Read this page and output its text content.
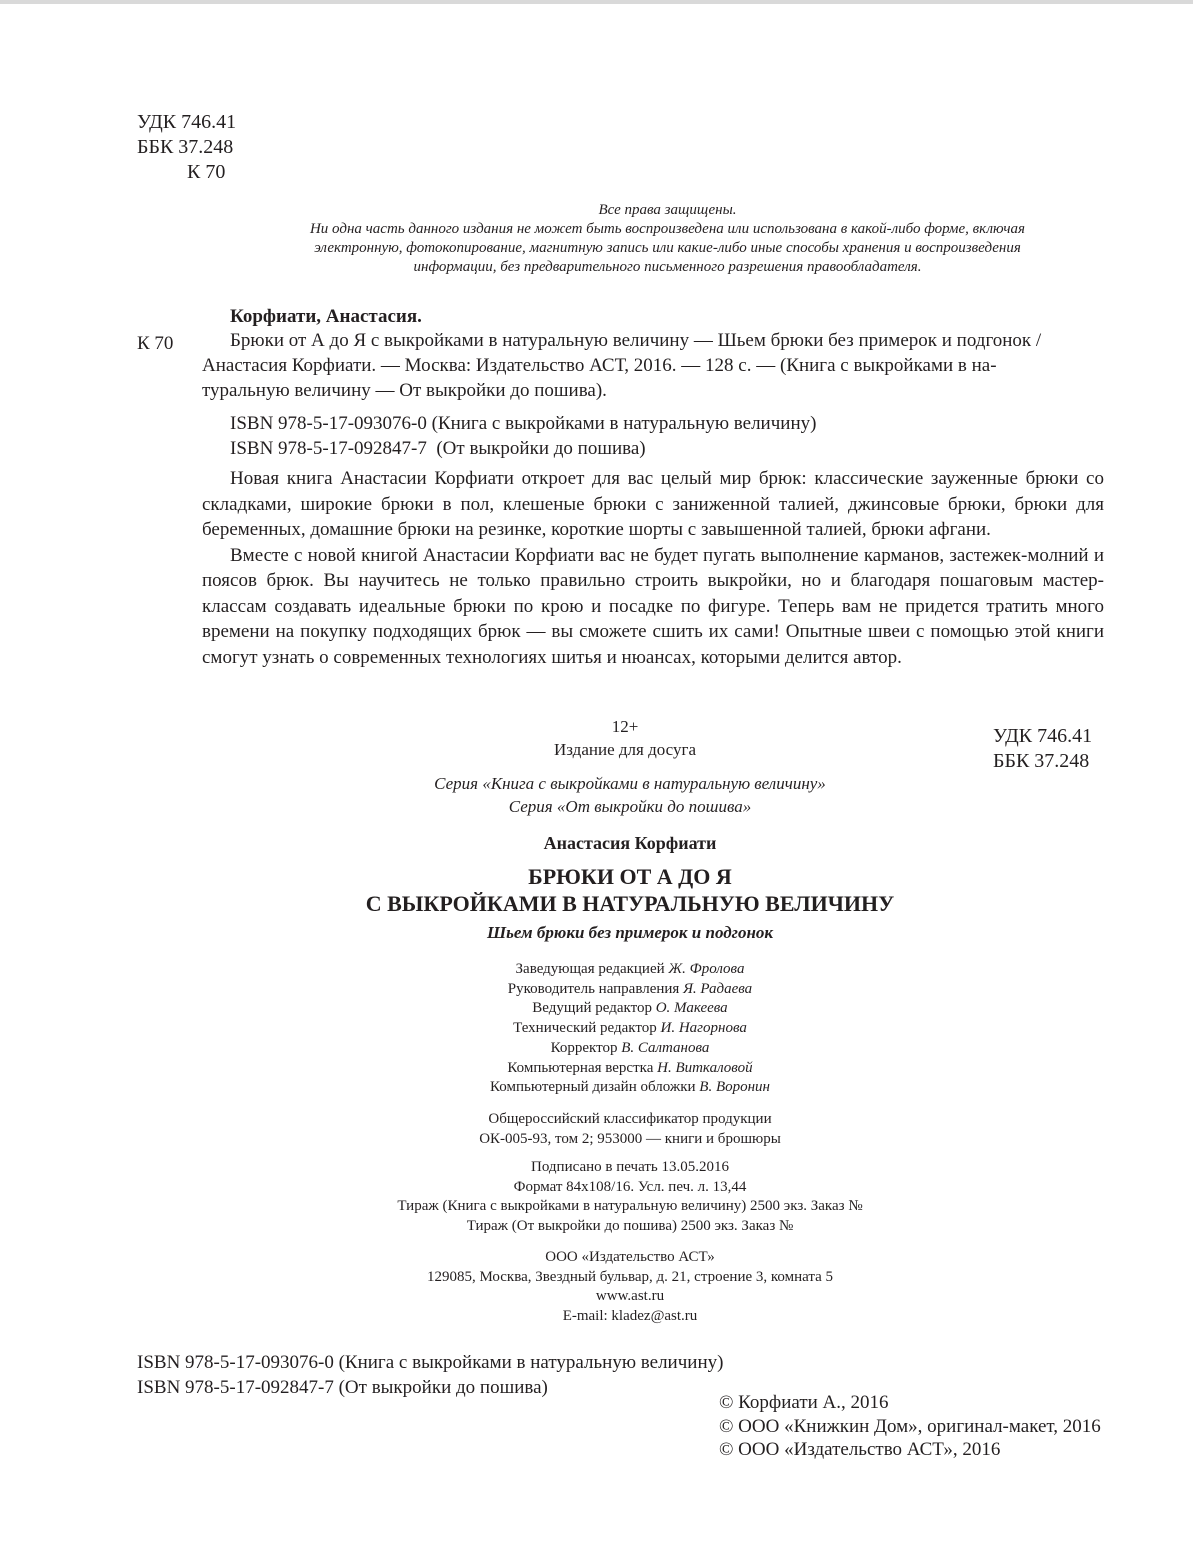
УДК 746.41
ББК 37.248
К 70
Все права защищены.
Ни одна часть данного издания не может быть воспроизведена или использована в какой-либо форме, включая
электронную, фотокопирование, магнитную запись или какие-либо иные способы хранения и воспроизведения
информации, без предварительного письменного разрешения правообладателя.
Корфиати, Анастасия.
К 70	Брюки от А до Я с выкройками в натуральную величину — Шьем брюки без примерок и подгонок /
Анастасия Корфиати. — Москва: Издательство АСТ, 2016. — 128 с. — (Книга с выкройками в на-
туральную величину — От выкройки до пошива).
ISBN 978-5-17-093076-0 (Книга с выкройками в натуральную величину)
ISBN 978-5-17-092847-7  (От выкройки до пошива)

Новая книга Анастасии Корфиати откроет для вас целый мир брюк: классические зауженные брюки со складками, широкие брюки в пол, клешеные брюки с заниженной талией, джинсовые брюки, брюки для беременных, домашние брюки на резинке, короткие шорты с завышенной талией, брюки афгани.

Вместе с новой книгой Анастасии Корфиати вас не будет пугать выполнение карманов, застежек-молний и поясов брюк. Вы научитесь не только правильно строить выкройки, но и благодаря пошаговым мастер-классам создавать идеальные брюки по крою и посадке по фигуре. Теперь вам не придется тратить много времени на покупку подходящих брюк — вы сможете сшить их сами! Опытные швеи с помощью этой книги смогут узнать о современных технологиях шитья и нюансах, которыми делится автор.

12+
Издание для досуга
УДК 746.41
ББК 37.248
Серия «Книга с выкройками в натуральную величину»
Серия «От выкройки до пошива»
Анастасия Корфиати
БРЮКИ ОТ А ДО Я
С ВЫКРОЙКАМИ В НАТУРАЛЬНУЮ ВЕЛИЧИНУ
Шьем брюки без примерок и подгонок
Заведующая редакцией Ж. Фролова
Руководитель направления Я. Радаева
Ведущий редактор О. Макеева
Технический редактор И. Нагорнова
Корректор В. Салтанова
Компьютерная верстка Н. Виткаловой
Компьютерный дизайн обложки В. Воронин
Общероссийский классификатор продукции
ОК-005-93, том 2; 953000 — книги и брошюры
Подписано в печать 13.05.2016
Формат 84x108/16. Усл. печ. л. 13,44
Тираж (Книга с выкройками в натуральную величину) 2500 экз. Заказ №
Тираж (От выкройки до пошива) 2500 экз. Заказ №
ООО «Издательство АСТ»
129085, Москва, Звездный бульвар, д. 21, строение 3, комната 5
www.ast.ru
E-mail: kladez@ast.ru
ISBN 978-5-17-093076-0 (Книга с выкройками в натуральную величину)
ISBN 978-5-17-092847-7 (От выкройки до пошива)
© Корфиати А., 2016
© ООО «Книжкин Дом», оригинал-макет, 2016
© ООО «Издательство АСТ», 2016
